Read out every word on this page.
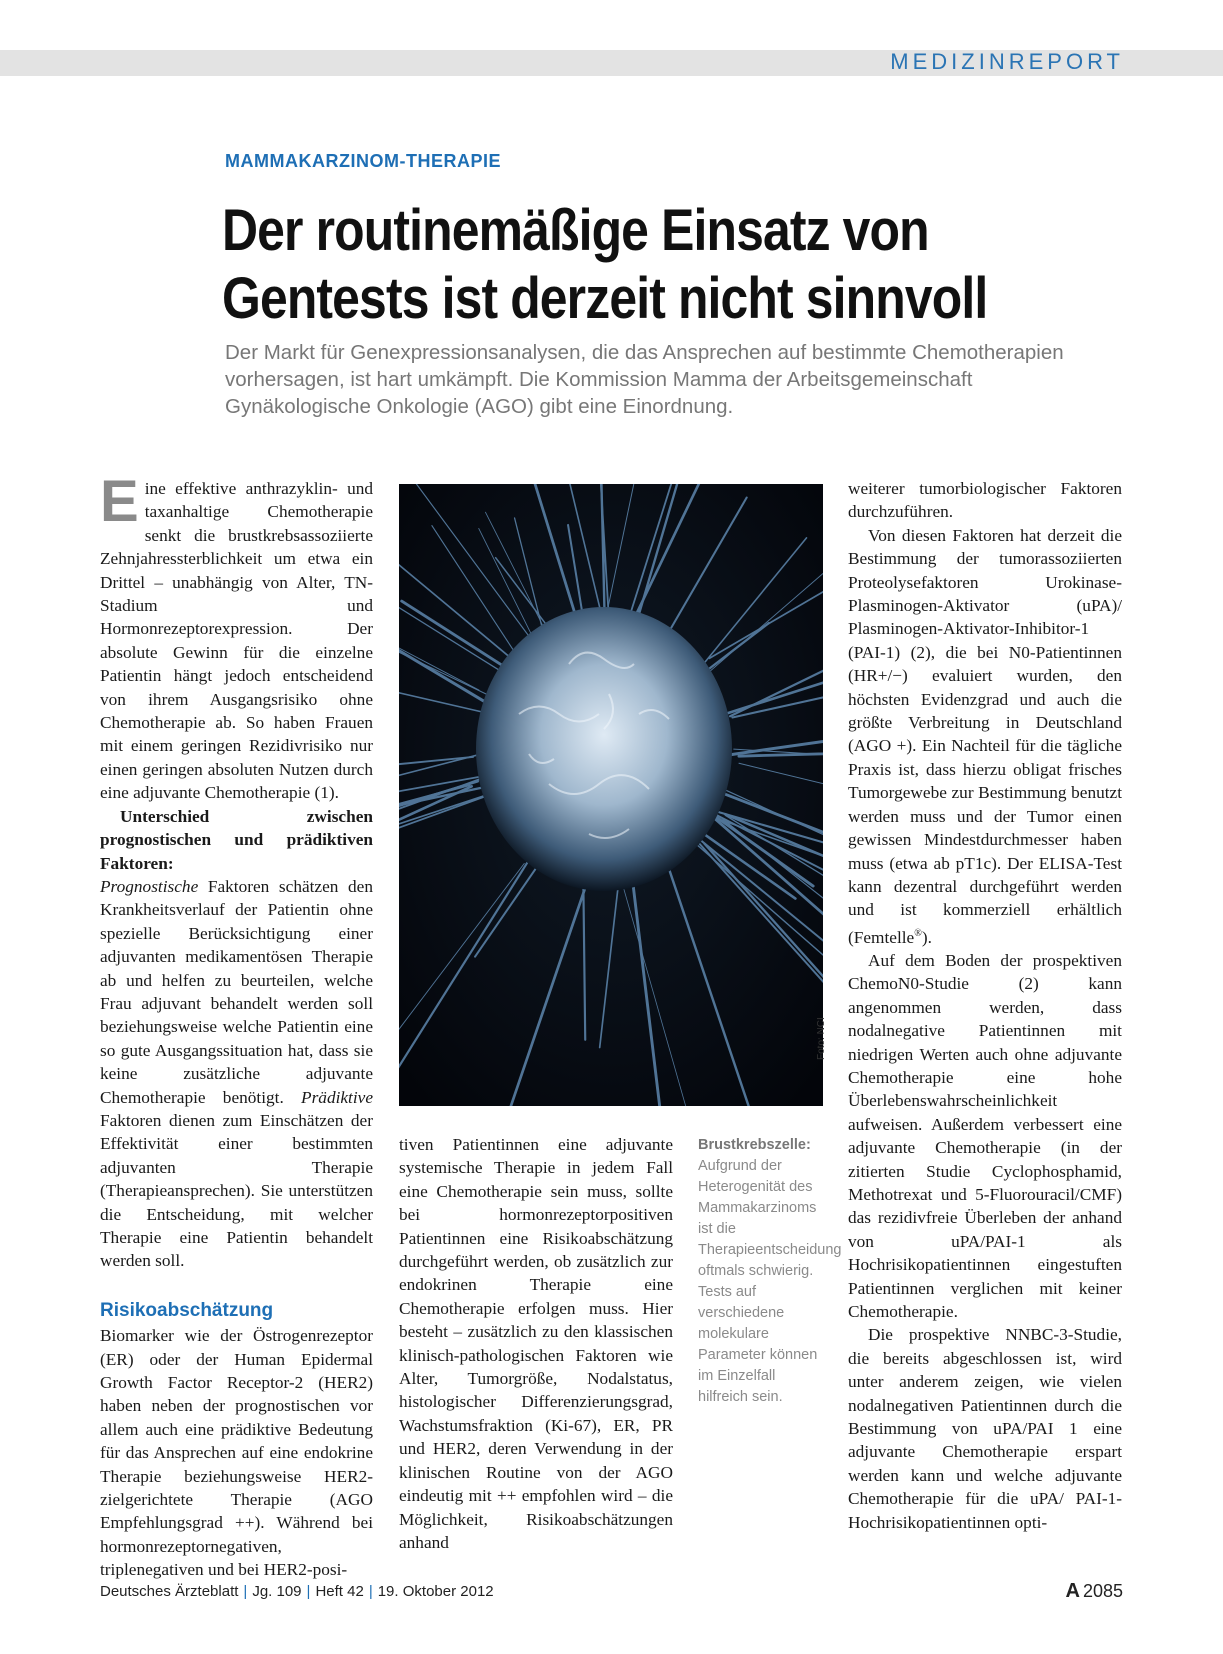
MEDIZINREPORT
MAMMAKARZINOM-THERAPIE
Der routinemäßige Einsatz von
Gentests ist derzeit nicht sinnvoll
Der Markt für Genexpressionsanalysen, die das Ansprechen auf bestimmte Chemotherapien vorhersagen, ist hart umkämpft. Die Kommission Mamma der Arbeitsgemeinschaft Gynäkologische Onkologie (AGO) gibt eine Einordnung.

Eine effektive anthrazyklin- und taxanhaltige Chemotherapie senkt die brustkrebsassoziierte Zehnjahressterblichkeit um etwa ein Drittel – unabhängig von Alter, TN-Stadium und Hormonrezeptorexpression. Der absolute Gewinn für die einzelne Patientin hängt jedoch entscheidend von ihrem Ausgangsrisiko ohne Chemotherapie ab. So haben Frauen mit einem geringen Rezidivrisiko nur einen geringen absoluten Nutzen durch eine adjuvante Chemotherapie (1).

Unterschied zwischen prognostischen und prädiktiven Faktoren:
Prognostische Faktoren schätzen den Krankheitsverlauf der Patientin ohne spezielle Berücksichtigung einer adjuvanten medikamentösen Therapie ab und helfen zu beurteilen, welche Frau adjuvant behandelt werden soll beziehungsweise welche Patientin eine so gute Ausgangssituation hat, dass sie keine zusätzliche adjuvante Chemotherapie benötigt. Prädiktive Faktoren dienen zum Einschätzen der Effektivität einer bestimmten adjuvanten Therapie (Therapieansprechen). Sie unterstützen die Entscheidung, mit welcher Therapie eine Patientin behandelt werden soll.

Risikoabschätzung

Biomarker wie der Östrogenrezeptor (ER) oder der Human Epidermal Growth Factor Receptor-2 (HER2) haben neben der prognostischen vor allem auch eine prädiktive Bedeutung für das Ansprechen auf eine endokrine Therapie beziehungsweise HER2-zielgerichtete Therapie (AGO Empfehlungsgrad ++). Während bei hormonrezeptornegativen, triplenegativen und bei HER2-posi-

Foto: NCI

tiven Patientinnen eine adjuvante systemische Therapie in jedem Fall eine Chemotherapie sein muss, sollte bei hormonrezeptorpositiven Patientinnen eine Risikoabschätzung durchgeführt werden, ob zusätzlich zur endokrinen Therapie eine Chemotherapie erfolgen muss. Hier besteht – zusätzlich zu den klassischen klinisch-pathologischen Faktoren wie Alter, Tumorgröße, Nodalstatus, histologischer Differenzierungsgrad, Wachstumsfraktion (Ki-67), ER, PR und HER2, deren Verwendung in der klinischen Routine von der AGO eindeutig mit ++ empfohlen wird – die Möglichkeit, Risikoabschätzungen anhand

Brustkrebszelle:
Aufgrund der Heterogenität des Mammakarzinoms ist die Therapieentscheidung oftmals schwierig. Tests auf verschiedene molekulare Parameter können im Einzelfall hilfreich sein.

weiterer tumorbiologischer Faktoren durchzuführen.

Von diesen Faktoren hat derzeit die Bestimmung der tumorassoziierten Proteolysefaktoren Urokinase-Plasminogen-Aktivator (uPA)/ Plasminogen-Aktivator-Inhibitor-1 (PAI-1) (2), die bei N0-Patientinnen (HR+/−) evaluiert wurden, den höchsten Evidenzgrad und auch die größte Verbreitung in Deutschland (AGO +). Ein Nachteil für die tägliche Praxis ist, dass hierzu obligat frisches Tumorgewebe zur Bestimmung benutzt werden muss und der Tumor einen gewissen Mindestdurchmesser haben muss (etwa ab pT1c). Der ELISA-Test kann dezentral durchgeführt werden und ist kommerziell erhältlich (Femtelle®).

Auf dem Boden der prospektiven ChemoN0-Studie (2) kann angenommen werden, dass nodalnegative Patientinnen mit niedrigen Werten auch ohne adjuvante Chemotherapie eine hohe Überlebenswahrscheinlichkeit aufweisen. Außerdem verbessert eine adjuvante Chemotherapie (in der zitierten Studie Cyclophosphamid, Methotrexat und 5-Fluorouracil/CMF) das rezidivfreie Überleben der anhand von uPA/PAI-1 als Hochrisikopatientinnen eingestuften Patientinnen verglichen mit keiner Chemotherapie.

Die prospektive NNBC-3-Studie, die bereits abgeschlossen ist, wird unter anderem zeigen, wie vielen nodalnegativen Patientinnen durch die Bestimmung von uPA/PAI 1 eine adjuvante Chemotherapie erspart werden kann und welche adjuvante Chemotherapie für die uPA/ PAI-1-Hochrisikopatientinnen opti-

Deutsches Ärzteblatt | Jg. 109 | Heft 42 | 19. Oktober 2012	A 2085
